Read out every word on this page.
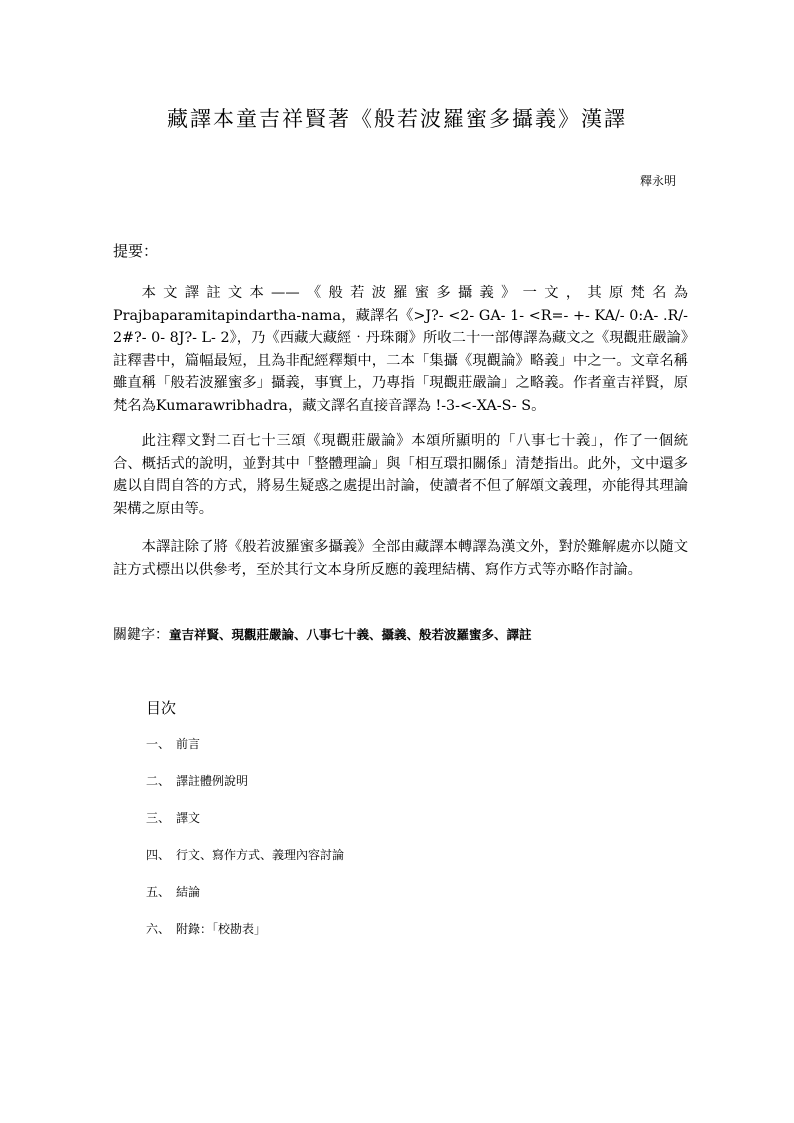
藏譯本童吉祥賢著《般若波羅蜜多攝義》漢譯
釋永明
提要：

本文譯註文本——《般若波羅蜜多攝義》一文，其原梵名為Prajbaparamitapindartha-nama，藏譯名《>J?- <2- GA- 1- <R=- +- KA/- 0:A- .R/- 2#?- 0- 8J?- L- 2》，乃《西藏大藏經‧丹珠爾》所收二十一部傳譯為藏文之《現觀莊嚴論》註釋書中，篇幅最短，且為非配經釋類中，二本「集攝《現觀論》略義」中之一。文章名稱雖直稱「般若波羅蜜多」攝義，事實上，乃專指「現觀莊嚴論」之略義。作者童吉祥賢，原梵名為Kumarawribhadra，藏文譯名直接音譯為 !-3-<-XA-S- S。

此注釋文對二百七十三頌《現觀莊嚴論》本頌所顯明的「八事七十義」，作了一個統合、概括式的說明，並對其中「整體理論」與「相互環扣關係」清楚指出。此外，文中還多處以自問自答的方式，將易生疑惑之處提出討論，使讀者不但了解頌文義理，亦能得其理論架構之原由等。

本譯註除了將《般若波羅蜜多攝義》全部由藏譯本轉譯為漢文外，對於難解處亦以隨文註方式標出以供參考，至於其行文本身所反應的義理結構、寫作方式等亦略作討論。

關鍵字：童吉祥賢、現觀莊嚴論、八事七十義、攝義、般若波羅蜜多、譯註
目次
一、 前言
二、 譯註體例說明
三、 譯文
四、 行文、寫作方式、義理內容討論
五、 結論
六、 附錄：「校勘表」
